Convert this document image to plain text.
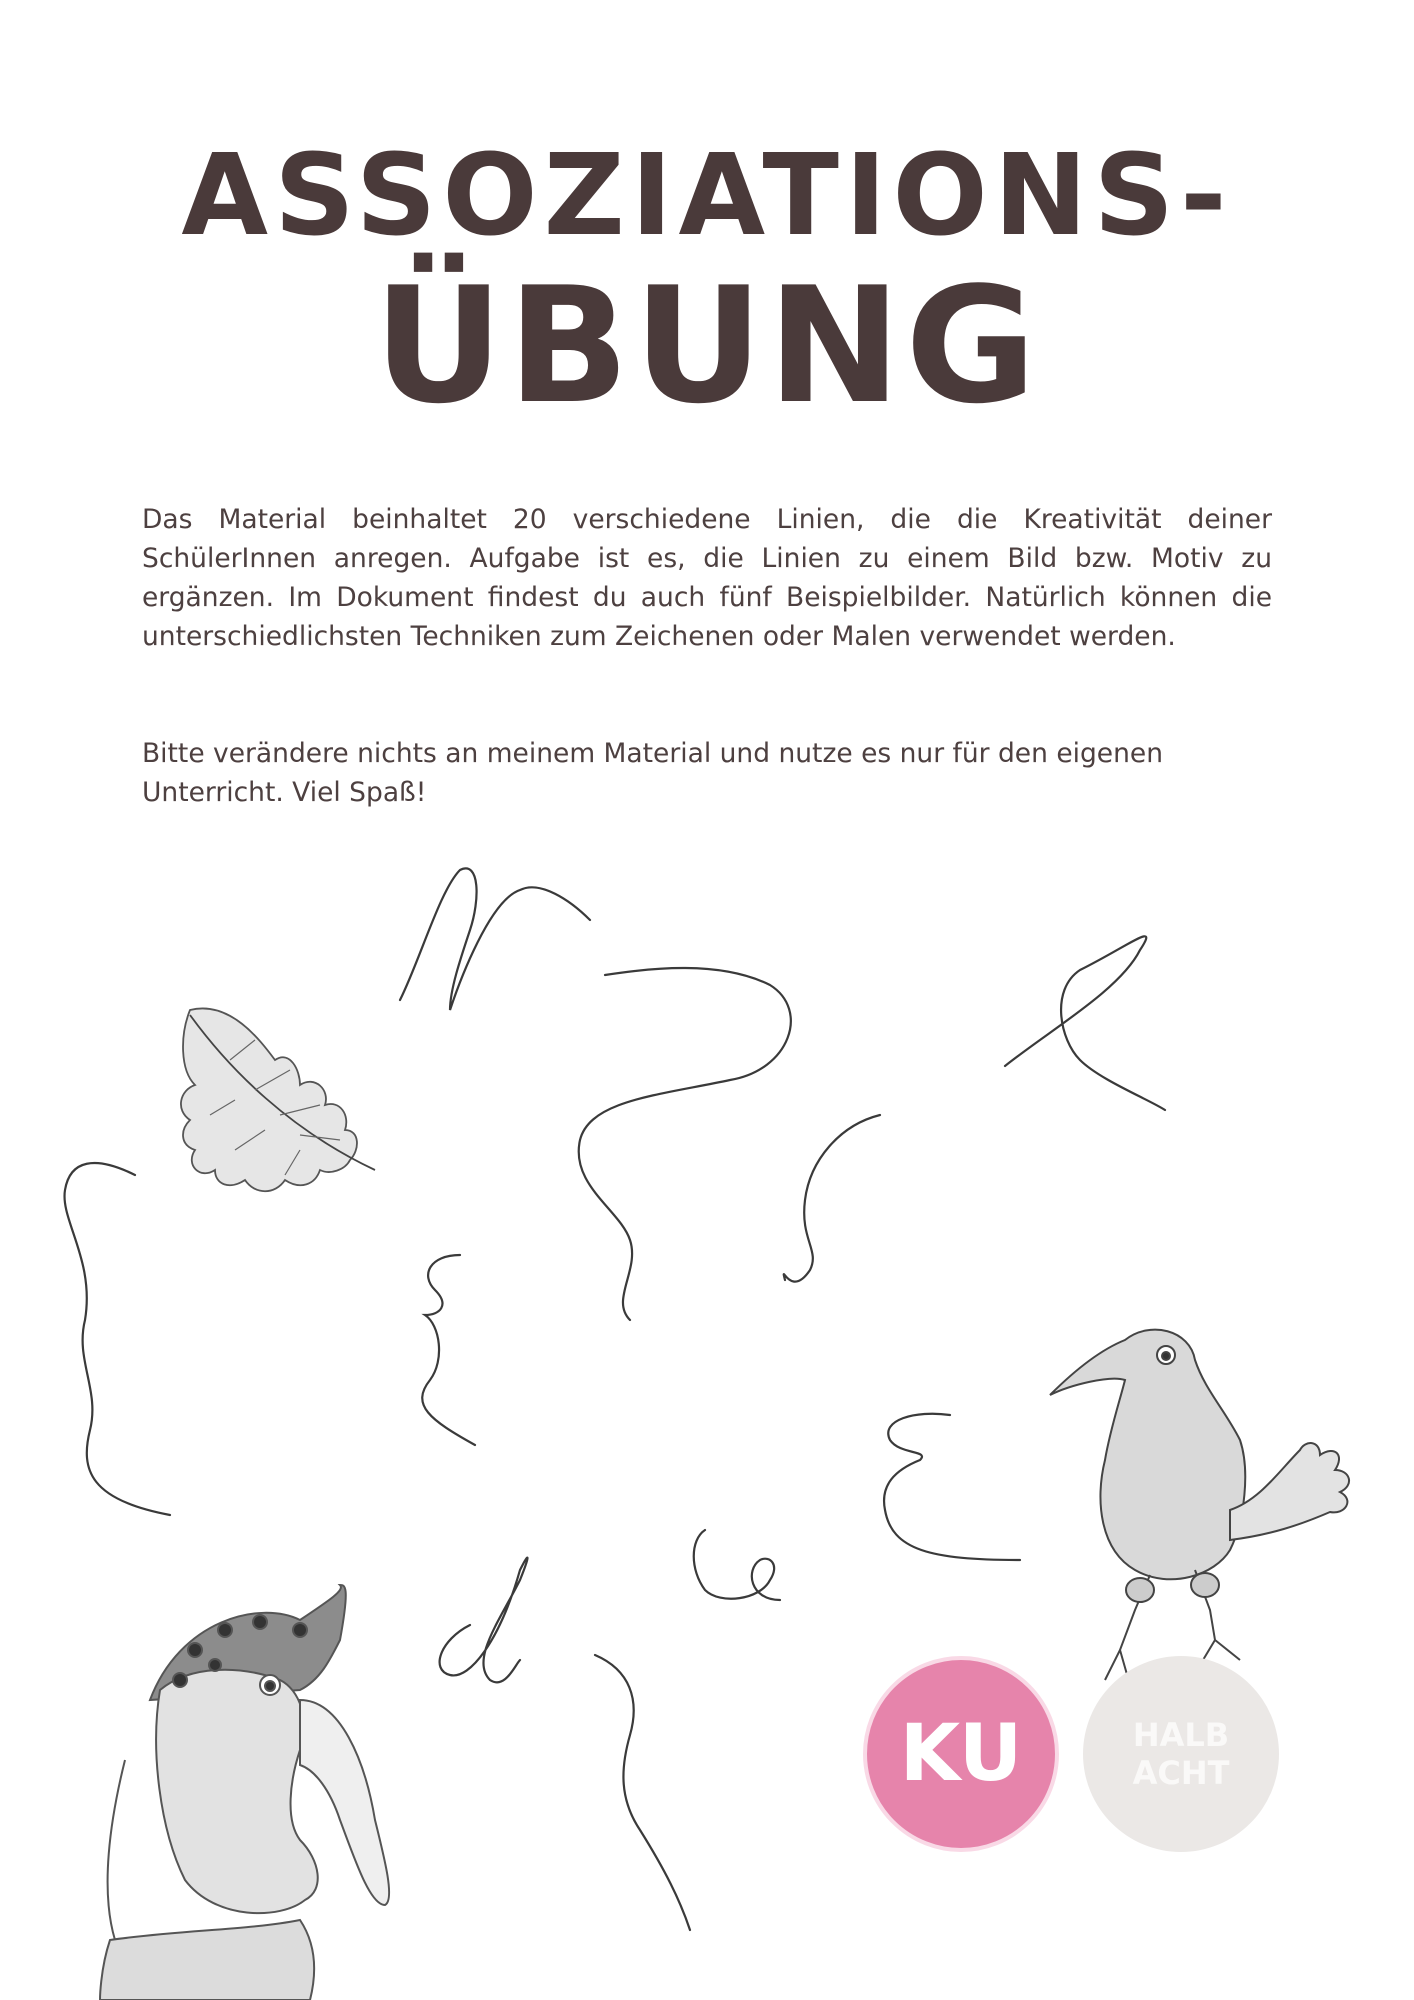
ASSOZIATIONS-
ÜBUNG

Das Material beinhaltet 20 verschiedene Linien, die die Kreativität deiner SchülerInnen anregen. Aufgabe ist es, die Linien zu einem Bild bzw. Motiv zu ergänzen. Im Dokument findest du auch fünf Beispielbilder. Natürlich können die unterschiedlichsten Techniken zum Zeichenen oder Malen verwendet werden.

Bitte verändere nichts an meinem Material und nutze es nur für den eigenen Unterricht. Viel Spaß!

KU	HALB
ACHT
